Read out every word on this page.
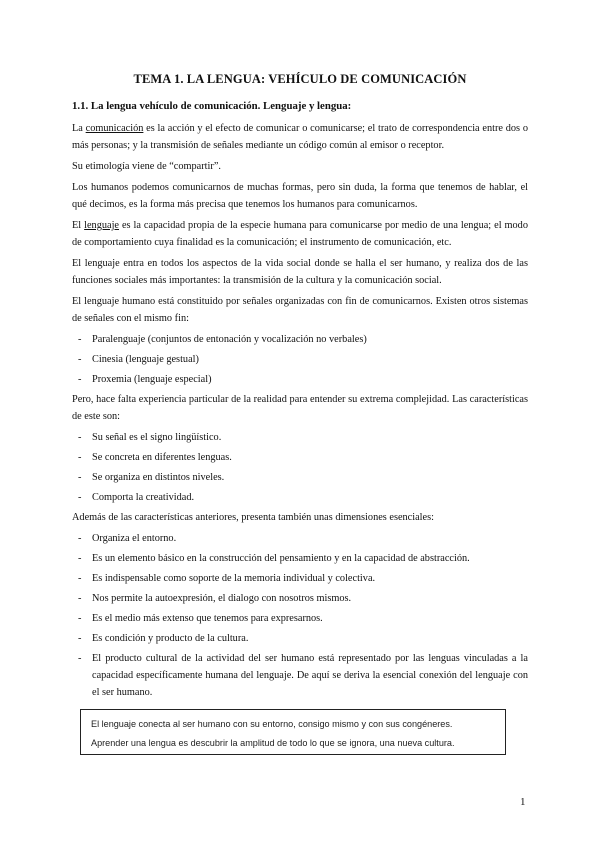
TEMA 1. LA LENGUA: VEHÍCULO DE COMUNICACIÓN
1.1. La lengua vehículo de comunicación. Lenguaje y lengua:

La comunicación es la acción y el efecto de comunicar o comunicarse; el trato de correspondencia entre dos o más personas; y la transmisión de señales mediante un código común al emisor o receptor.

Su etimología viene de “compartir”.

Los humanos podemos comunicarnos de muchas formas, pero sin duda, la forma que tenemos de hablar, el qué decimos, es la forma más precisa que tenemos los humanos para comunicarnos.

El lenguaje es la capacidad propia de la especie humana para comunicarse por medio de una lengua; el modo de comportamiento cuya finalidad es la comunicación; el instrumento de comunicación, etc.

El lenguaje entra en todos los aspectos de la vida social donde se halla el ser humano, y realiza dos de las funciones sociales más importantes: la transmisión de la cultura y la comunicación social.

El lenguaje humano está constituido por señales organizadas con fin de comunicarnos. Existen otros sistemas de señales con el mismo fin:

- Paralenguaje (conjuntos de entonación y vocalización no verbales)
- Cinesia (lenguaje gestual)
- Proxemia (lenguaje especial)

Pero, hace falta experiencia particular de la realidad para entender su extrema complejidad. Las características de este son:

- Su señal es el signo lingüístico.
- Se concreta en diferentes lenguas.
- Se organiza en distintos niveles.
- Comporta la creatividad.

Además de las características anteriores, presenta también unas dimensiones esenciales:

- Organiza el entorno.
- Es un elemento básico en la construcción del pensamiento y en la capacidad de abstracción.
- Es indispensable como soporte de la memoria individual y colectiva.
- Nos permite la autoexpresión, el dialogo con nosotros mismos.
- Es el medio más extenso que tenemos para expresarnos.
- Es condición y producto de la cultura.
- El producto cultural de la actividad del ser humano está representado por las lenguas vinculadas a la capacidad específicamente humana del lenguaje. De aquí se deriva la esencial conexión del lenguaje con el ser humano.

El lenguaje conecta al ser humano con su entorno, consigo mismo y con sus congéneres.

Aprender una lengua es descubrir la amplitud de todo lo que se ignora, una nueva cultura.

1
